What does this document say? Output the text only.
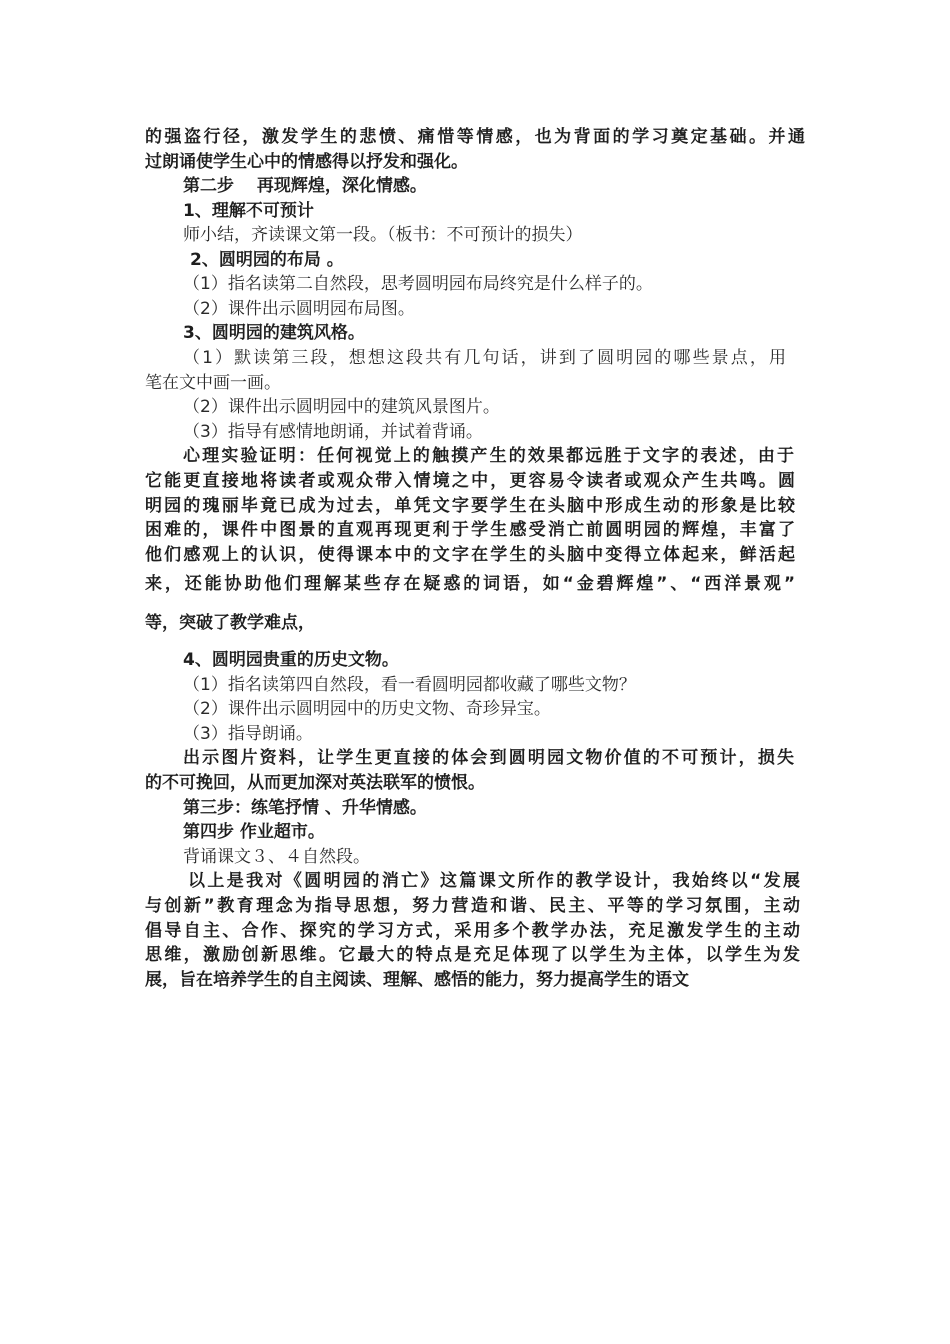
的强盗行径，激发学生的悲愤、痛惜等情感，也为背面的学习奠定基础。并通
过朗诵使学生心中的情感得以抒发和强化。
第二步　 再现辉煌，深化情感。
1、理解不可预计
师小结，齐读课文第一段。（板书：不可预计的损失）
2、圆明园的布局 。
（1）指名读第二自然段，思考圆明园布局终究是什么样子的。
（2）课件出示圆明园布局图。
3、圆明园的建筑风格。
（1）默读第三段，想想这段共有几句话，讲到了圆明园的哪些景点，用
笔在文中画一画。
（2）课件出示圆明园中的建筑风景图片。
（3）指导有感情地朗诵，并试着背诵。
心理实验证明：任何视觉上的触摸产生的效果都远胜于文字的表述，由于
它能更直接地将读者或观众带入情境之中，更容易令读者或观众产生共鸣。圆
明园的瑰丽毕竟已成为过去，单凭文字要学生在头脑中形成生动的形象是比较
困难的，课件中图景的直观再现更利于学生感受消亡前圆明园的辉煌，丰富了
他们感观上的认识，使得课本中的文字在学生的头脑中变得立体起来，鲜活起
来，还能协助他们理解某些存在疑惑的词语，如“金碧辉煌”、“西洋景观”
等，突破了教学难点，
4、圆明园贵重的历史文物。
（1）指名读第四自然段，看一看圆明园都收藏了哪些文物？
（2）课件出示圆明园中的历史文物、奇珍异宝。
（3）指导朗诵。
出示图片资料，让学生更直接的体会到圆明园文物价值的不可预计，损失
的不可挽回，从而更加深对英法联军的愤恨。
第三步：练笔抒情 、升华情感。
第四步 作业超市。
背诵课文３、４自然段。
以上是我对《圆明园的消亡》这篇课文所作的教学设计，我始终以“发展
与创新”教育理念为指导思想，努力营造和谐、民主、平等的学习氛围，主动
倡导自主、合作、探究的学习方式，采用多个教学办法，充足激发学生的主动
思维，激励创新思维。它最大的特点是充足体现了以学生为主体，以学生为发
展，旨在培养学生的自主阅读、理解、感悟的能力，努力提高学生的语文
